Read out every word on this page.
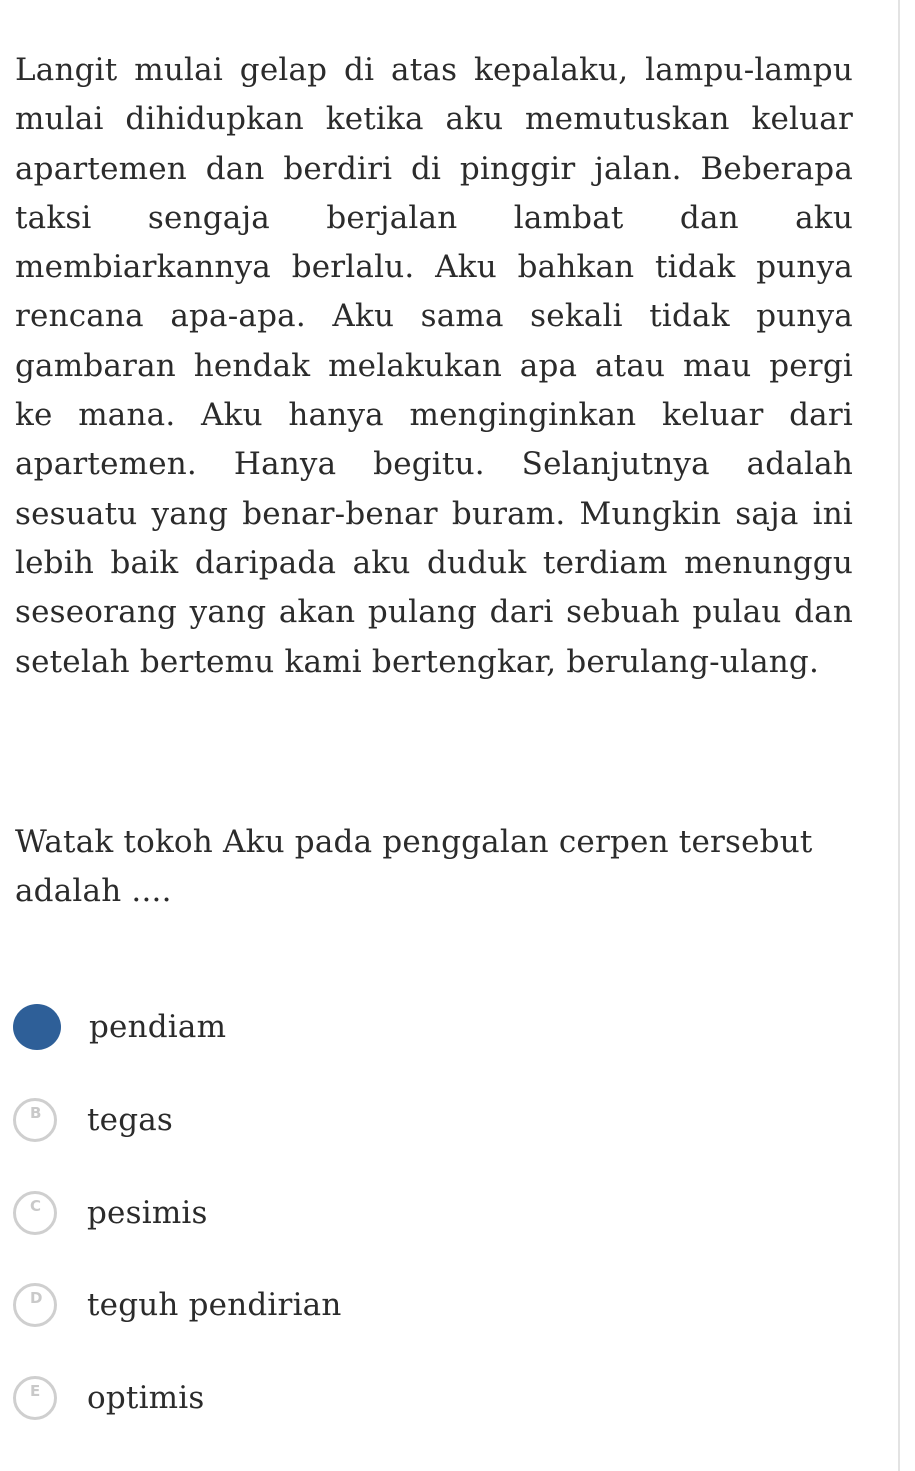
Langit mulai gelap di atas kepalaku, lampu-lampu mulai dihidupkan ketika aku memutuskan keluar apartemen dan berdiri di pinggir jalan. Beberapa taksi sengaja berjalan lambat dan aku membiarkannya berlalu. Aku bahkan tidak punya rencana apa-apa. Aku sama sekali tidak punya gambaran hendak melakukan apa atau mau pergi ke mana. Aku hanya menginginkan keluar dari apartemen. Hanya begitu. Selanjutnya adalah sesuatu yang benar-benar buram. Mungkin saja ini lebih baik daripada aku duduk terdiam menunggu seseorang yang akan pulang dari sebuah pulau dan setelah bertemu kami bertengkar, berulang-ulang.

Watak tokoh Aku pada penggalan cerpen tersebut adalah ....

pendiam
B tegas
C pesimis
D teguh pendirian
E optimis
